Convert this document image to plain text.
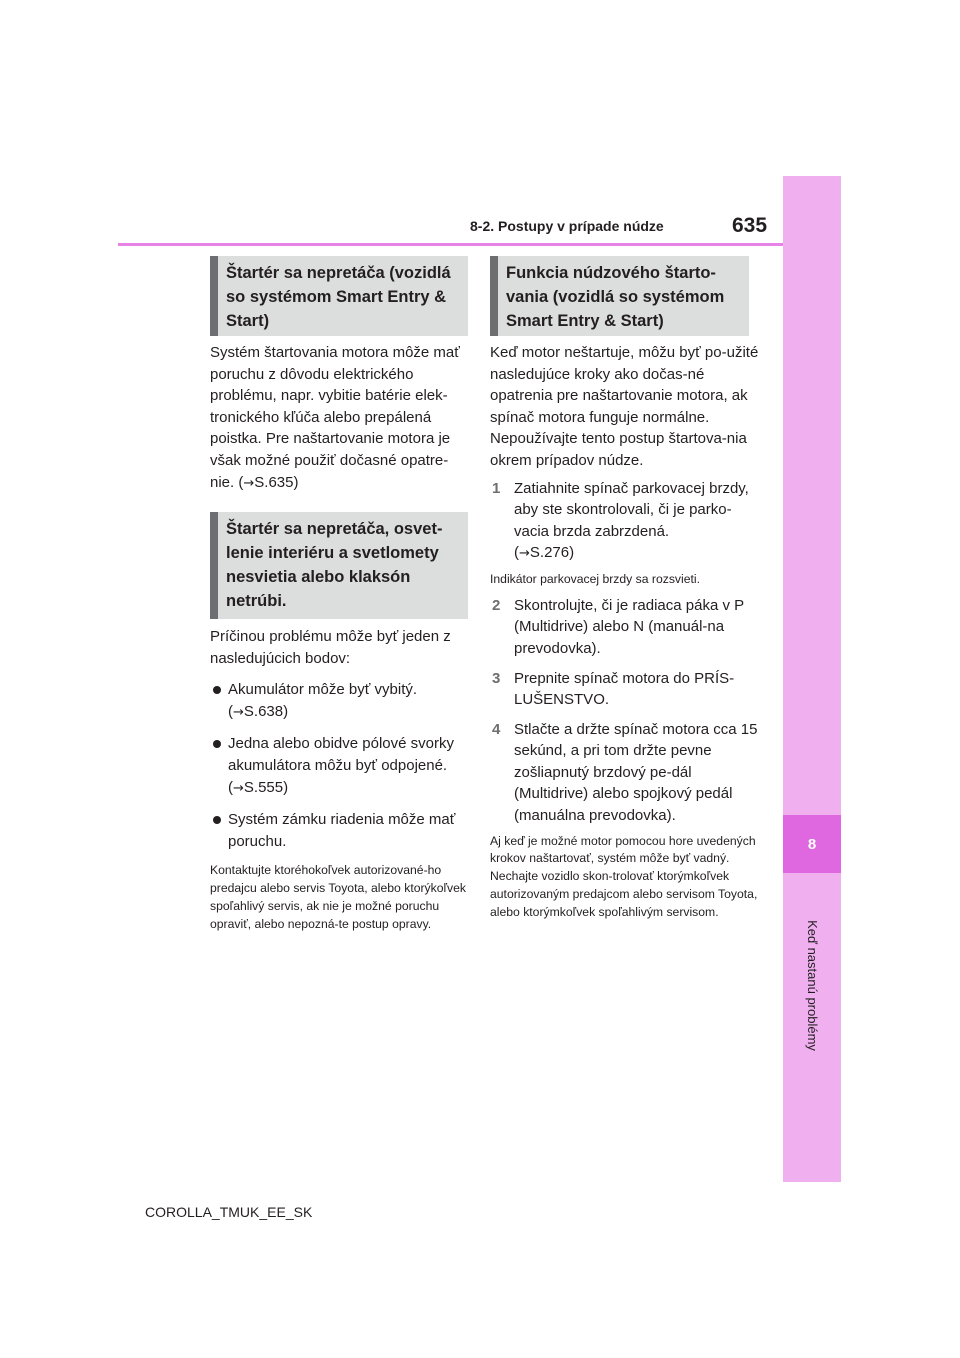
8-2. Postupy v prípade núdze	635
8
Keď nastanú problémy
Štartér sa nepretáča (vozidlá so systémom Smart Entry & Start)

Systém štartovania motora môže mať poruchu z dôvodu elektrického problému, napr. vybitie batérie elek-tronického kľúča alebo prepálená poistka. Pre naštartovanie motora je však možné použiť dočasné opatre-nie. (→S.635)

Štartér sa nepretáča, osvet-lenie interiéru a svetlomety nesvietia alebo klaksón netrúbi.

Príčinou problému môže byť jeden z nasledujúcich bodov:

Akumulátor môže byť vybitý.
(→S.638)

Jedna alebo obidve pólové svorky akumulátora môžu byť odpojené.
(→S.555)

Systém zámku riadenia môže mať poruchu.

Kontaktujte ktoréhokoľvek autorizované-ho predajcu alebo servis Toyota, alebo ktorýkoľvek spoľahlivý servis, ak nie je možné poruchu opraviť, alebo nepozná-te postup opravy.

Funkcia núdzového štarto-vania (vozidlá so systémom Smart Entry & Start)

Keď motor neštartuje, môžu byť po-užité nasledujúce kroky ako dočas-né opatrenia pre naštartovanie motora, ak spínač motora funguje normálne.

Nepoužívajte tento postup štartova-nia okrem prípadov núdze.

1 Zatiahnite spínač parkovacej brzdy, aby ste skontrolovali, či je parko-vacia brzda zabrzdená.
(→S.276)

Indikátor parkovacej brzdy sa rozsvieti.

2 Skontrolujte, či je radiaca páka v P (Multidrive) alebo N (manuál-na prevodovka).

3 Prepnite spínač motora do PRÍS-LUŠENSTVO.

4 Stlačte a držte spínač motora cca 15 sekúnd, a pri tom držte pevne zošliapnutý brzdový pe-dál (Multidrive) alebo spojkový pedál (manuálna prevodovka).

Aj keď je možné motor pomocou hore uvedených krokov naštartovať, systém môže byť vadný. Nechajte vozidlo skon-trolovať ktorýmkoľvek autorizovaným predajcom alebo servisom Toyota, alebo ktorýmkoľvek spoľahlivým servisom.

COROLLA_TMUK_EE_SK
